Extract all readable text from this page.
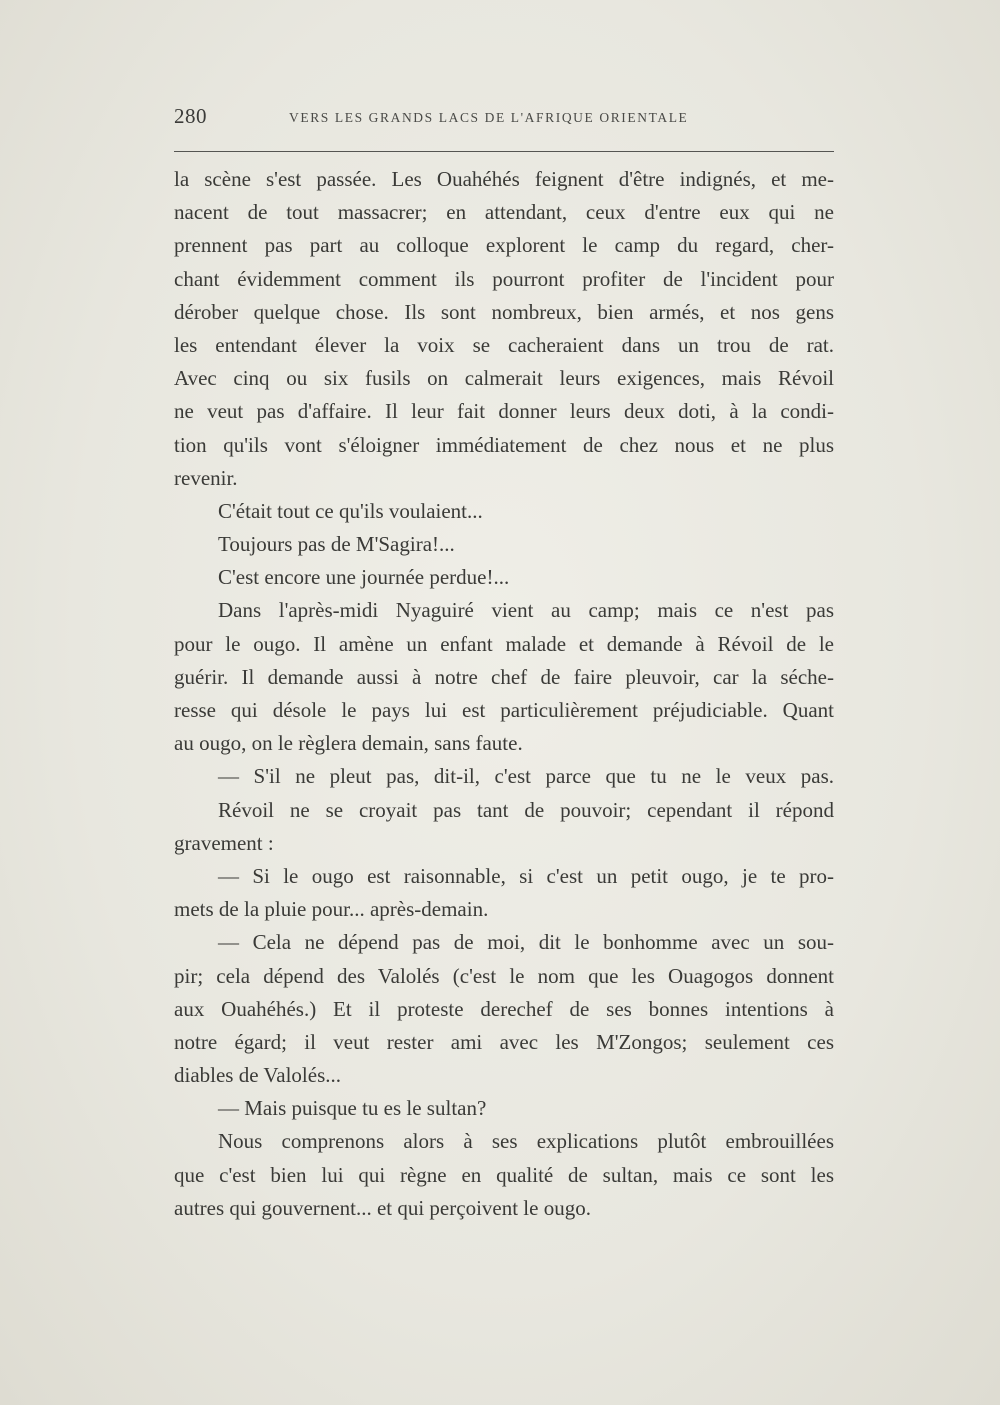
280	VERS LES GRANDS LACS DE L'AFRIQUE ORIENTALE
la scène s'est passée. Les Ouahéhés feignent d'être indignés, et me-
nacent de tout massacrer; en attendant, ceux d'entre eux qui ne
prennent pas part au colloque explorent le camp du regard, cher-
chant évidemment comment ils pourront profiter de l'incident pour
dérober quelque chose. Ils sont nombreux, bien armés, et nos gens
les entendant élever la voix se cacheraient dans un trou de rat.
Avec cinq ou six fusils on calmerait leurs exigences, mais Révoil
ne veut pas d'affaire. Il leur fait donner leurs deux doti, à la condi-
tion qu'ils vont s'éloigner immédiatement de chez nous et ne plus
revenir.
C'était tout ce qu'ils voulaient...
Toujours pas de M'Sagira!...
C'est encore une journée perdue!...
Dans l'après-midi Nyaguiré vient au camp; mais ce n'est pas
pour le ougo. Il amène un enfant malade et demande à Révoil de le
guérir. Il demande aussi à notre chef de faire pleuvoir, car la séche-
resse qui désole le pays lui est particulièrement préjudiciable. Quant
au ougo, on le règlera demain, sans faute.
— S'il ne pleut pas, dit-il, c'est parce que tu ne le veux pas.
Révoil ne se croyait pas tant de pouvoir; cependant il répond
gravement :
— Si le ougo est raisonnable, si c'est un petit ougo, je te pro-
mets de la pluie pour... après-demain.
— Cela ne dépend pas de moi, dit le bonhomme avec un sou-
pir; cela dépend des Valolés (c'est le nom que les Ouagogos donnent
aux Ouahéhés.) Et il proteste derechef de ses bonnes intentions à
notre égard; il veut rester ami avec les M'Zongos; seulement ces
diables de Valolés...
— Mais puisque tu es le sultan?
Nous comprenons alors à ses explications plutôt embrouillées
que c'est bien lui qui règne en qualité de sultan, mais ce sont les
autres qui gouvernent... et qui perçoivent le ougo.
